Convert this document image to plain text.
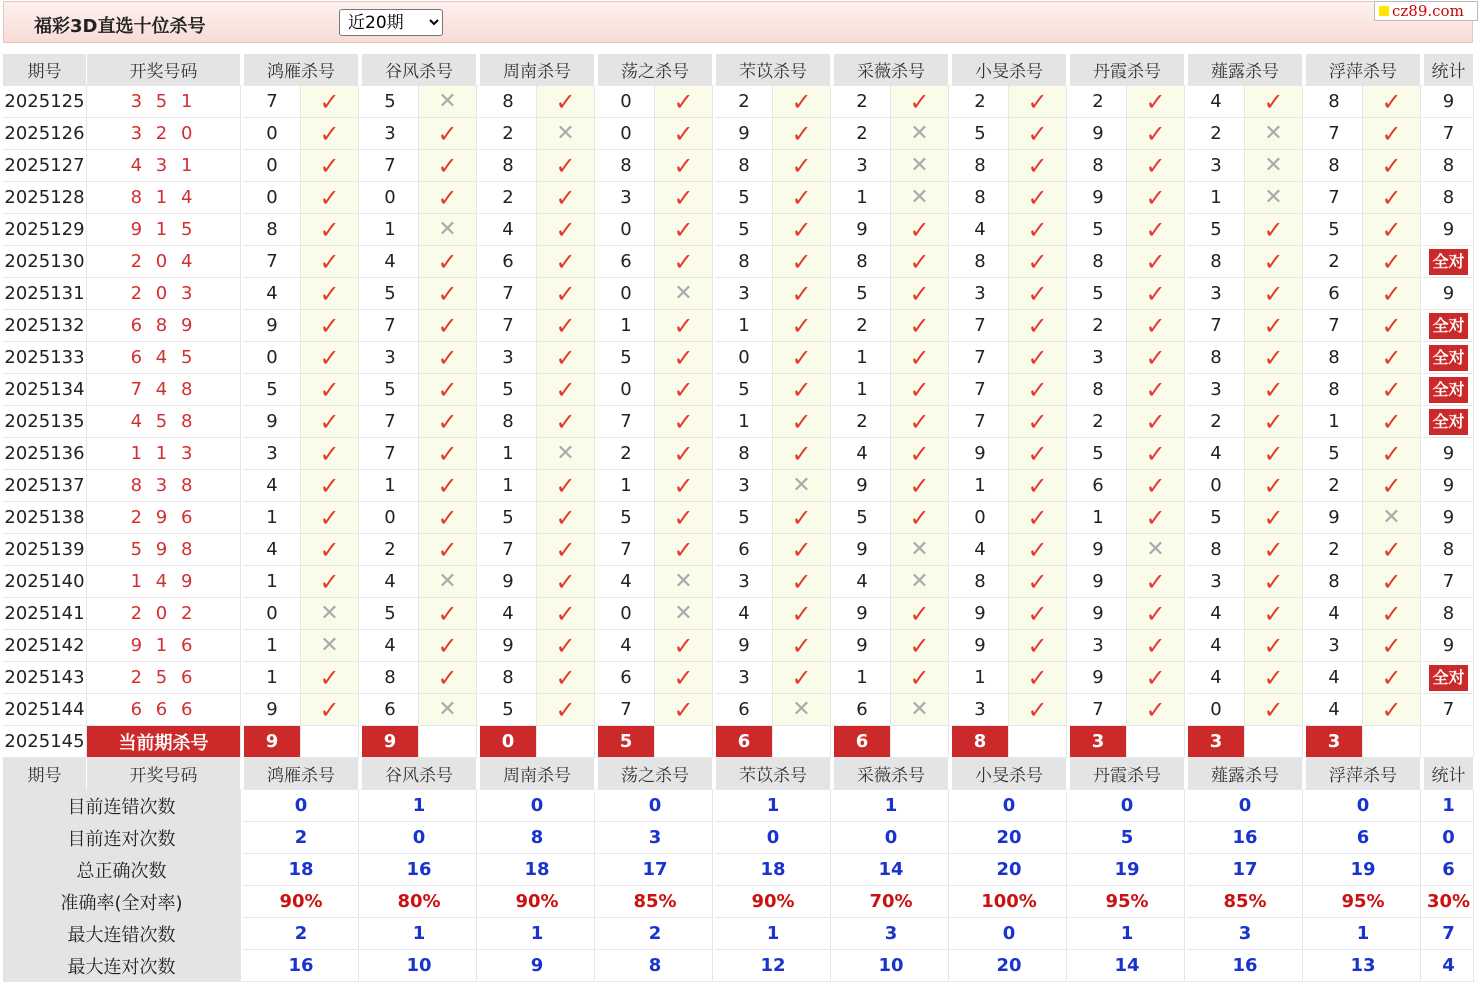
福彩3D直选十位杀号
近20期
cz89.com
期号	开奖号码	鸿雁杀号		谷风杀号		周南杀号		荡之杀号		芣苡杀号		采薇杀号		小旻杀号		丹霞杀号		薤露杀号		浮萍杀号		统计
2025125	3 5 1	7	✓	5	✕	8	✓	0	✓	2	✓	2	✓	2	✓	2	✓	4	✓	8	✓	9
2025126	3 2 0	0	✓	3	✓	2	✕	0	✓	9	✓	2	✕	5	✓	9	✓	2	✕	7	✓	7
2025127	4 3 1	0	✓	7	✓	8	✓	8	✓	8	✓	3	✕	8	✓	8	✓	3	✕	8	✓	8
2025128	8 1 4	0	✓	0	✓	2	✓	3	✓	5	✓	1	✕	8	✓	9	✓	1	✕	7	✓	8
2025129	9 1 5	8	✓	1	✕	4	✓	0	✓	5	✓	9	✓	4	✓	5	✓	5	✓	5	✓	9
2025130	2 0 4	7	✓	4	✓	6	✓	6	✓	8	✓	8	✓	8	✓	8	✓	8	✓	2	✓	全对
2025131	2 0 3	4	✓	5	✓	7	✓	0	✕	3	✓	5	✓	3	✓	5	✓	3	✓	6	✓	9
2025132	6 8 9	9	✓	7	✓	7	✓	1	✓	1	✓	2	✓	7	✓	2	✓	7	✓	7	✓	全对
2025133	6 4 5	0	✓	3	✓	3	✓	5	✓	0	✓	1	✓	7	✓	3	✓	8	✓	8	✓	全对
2025134	7 4 8	5	✓	5	✓	5	✓	0	✓	5	✓	1	✓	7	✓	8	✓	3	✓	8	✓	全对
2025135	4 5 8	9	✓	7	✓	8	✓	7	✓	1	✓	2	✓	7	✓	2	✓	2	✓	1	✓	全对
2025136	1 1 3	3	✓	7	✓	1	✕	2	✓	8	✓	4	✓	9	✓	5	✓	4	✓	5	✓	9
2025137	8 3 8	4	✓	1	✓	1	✓	1	✓	3	✕	9	✓	1	✓	6	✓	0	✓	2	✓	9
2025138	2 9 6	1	✓	0	✓	5	✓	5	✓	5	✓	5	✓	0	✓	1	✓	5	✓	9	✕	9
2025139	5 9 8	4	✓	2	✓	7	✓	7	✓	6	✓	9	✕	4	✓	9	✕	8	✓	2	✓	8
2025140	1 4 9	1	✓	4	✕	9	✓	4	✕	3	✓	4	✕	8	✓	9	✓	3	✓	8	✓	7
2025141	2 0 2	0	✕	5	✓	4	✓	0	✕	4	✓	9	✓	9	✓	9	✓	4	✓	4	✓	8
2025142	9 1 6	1	✕	4	✓	9	✓	4	✓	9	✓	9	✓	9	✓	3	✓	4	✓	3	✓	9
2025143	2 5 6	1	✓	8	✓	8	✓	6	✓	3	✓	1	✓	1	✓	9	✓	4	✓	4	✓	全对
2025144	6 6 6	9	✓	6	✕	5	✓	7	✓	6	✕	6	✕	3	✓	7	✓	0	✓	4	✓	7
2025145	当前期杀号	9		9		0		5		6		6		8		3		3		3		
期号	开奖号码	鸿雁杀号		谷风杀号		周南杀号		荡之杀号		芣苡杀号		采薇杀号		小旻杀号		丹霞杀号		薤露杀号		浮萍杀号		统计
目前连错次数		0		1		0		0		1		1		0		0		0		0		1
目前连对次数		2		0		8		3		0		0		20		5		16		6		0
总正确次数		18		16		18		17		18		14		20		19		17		19		6
准确率(全对率)		90%		80%		90%		85%		90%		70%		100%		95%		85%		95%		30%
最大连错次数		2		1		1		2		1		3		0		1		3		1		7
最大连对次数		16		10		9		8		12		10		20		14		16		13		4
